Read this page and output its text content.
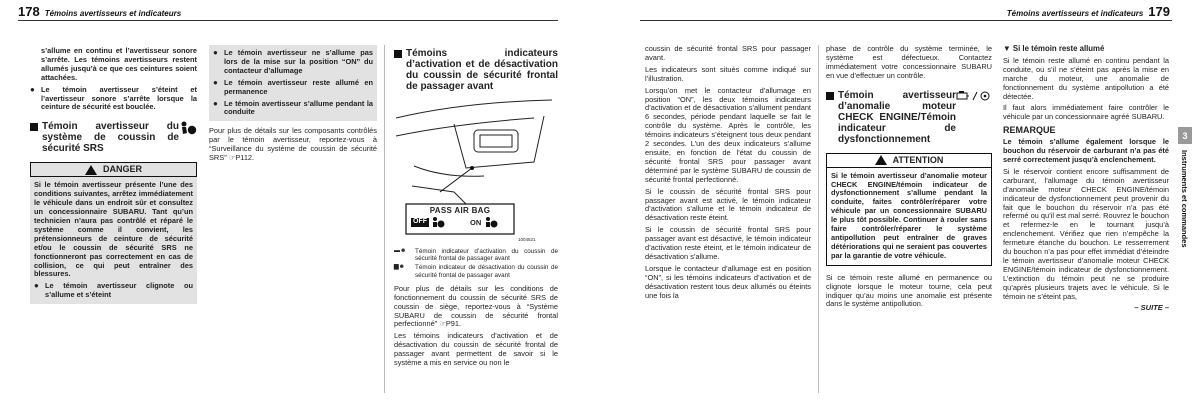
178 Témoins avertisseurs et indicateurs

s’allume en continu et l’avertisseur sonore s’arrête. Les témoins avertisseurs restent allumés jusqu’à ce que ces ceintures soient attachées.

● Le témoin avertisseur s’éteint et l’avertisseur sonore s’arrête lorsque la ceinture de sécurité est bouclée.
Témoin avertisseur du système de coussin de sécurité SRS
DANGER

Si le témoin avertisseur présente l’une des conditions suivantes, arrêtez immédiatement le véhicule dans un endroit sûr et consultez un concessionnaire SUBARU. Tant qu’un technicien n’aura pas contrôlé et réparé le système comme il convient, les prétensionneurs de ceinture de sécurité et/ou le coussin de sécurité SRS ne fonctionneront pas correctement en cas de collision, ce qui peut entraîner des blessures.

● Le témoin avertisseur clignote ou s’allume et s’éteint
● Le témoin avertisseur ne s’allume pas lors de la mise sur la position “ON” du contacteur d’allumage
● Le témoin avertisseur reste allumé en permanence
● Le témoin avertisseur s’allume pendant la conduite

Pour plus de détails sur les composants contrôlés par le témoin avertisseur, reportez-vous à “Surveillance du système de coussin de sécurité SRS” ☞P112.

Témoins indicateurs d’activation et de désactivation du coussin de sécurité frontal de passager avant
PASS AIR BAG
OFF	ON
1004521
▬☻	Témoin indicateur d’activation du coussin de sécurité frontal de passager avant
▆☻	Témoin indicateur de désactivation du coussin de sécurité frontal de passager avant

Pour plus de détails sur les conditions de fonctionnement du coussin de sécurité SRS de coussin de siège, reportez-vous à “Système SUBARU de coussin de sécurité frontal perfectionné” ☞P91.

Les témoins indicateurs d’activation et de désactivation du coussin de sécurité frontal de passager avant permettent de savoir si le système a mis en service ou non le

Témoins avertisseurs et indicateurs 179

coussin de sécurité frontal SRS pour passager avant.

Les indicateurs sont situés comme indiqué sur l’illustration.

Lorsqu’on met le contacteur d’allumage en position “ON”, les deux témoins indicateurs d’activation et de désactivation s’allument pendant 6 secondes, période pendant laquelle se fait le contrôle du système. Après le contrôle, les témoins indicateurs s’éteignent tous deux pendant 2 secondes. L’un des deux indicateurs s’allume ensuite, en fonction de l’état du coussin de sécurité frontal SRS pour passager avant déterminé par le système SUBARU de coussin de sécurité frontal perfectionné.

Si le coussin de sécurité frontal SRS pour passager avant est activé, le témoin indicateur d’activation s’allume et le témoin indicateur de désactivation reste éteint.

Si le coussin de sécurité frontal SRS pour passager avant est désactivé, le témoin indicateur d’activation reste éteint, et le témoin indicateur de désactivation s’allume.

Lorsque le contacteur d’allumage est en position “ON”, si les témoins indicateurs d’activation et de désactivation restent tous deux allumés ou éteints une fois la

phase de contrôle du système terminée, le système est défectueux. Contactez immédiatement votre concessionnaire SUBARU en vue d’effectuer un contrôle.

Témoin avertisseur d’anomalie moteur CHECK ENGINE/Témoin indicateur de dysfonctionnement
ATTENTION

Si le témoin avertisseur d’anomalie moteur CHECK ENGINE/témoin indicateur de dysfonctionnement s’allume pendant la conduite, faites contrôler/réparer votre véhicule par un concessionnaire SUBARU le plus tôt possible. Continuer à rouler sans faire contrôler/réparer le système antipollution peut entraîner de graves détériorations qui ne seraient pas couvertes par la garantie de votre véhicule.

Si ce témoin reste allumé en permanence ou clignote lorsque le moteur tourne, cela peut indiquer qu’au moins une anomalie est présente dans le système antipollution.

▼ Si le témoin reste allumé

Si le témoin reste allumé en continu pendant la conduite, ou s’il ne s’éteint pas après la mise en marche du moteur, une anomalie de fonctionnement du système antipollution a été détectée.

Il faut alors immédiatement faire contrôler le véhicule par un concessionnaire agréé SUBARU.

REMARQUE

Le témoin s’allume également lorsque le bouchon du réservoir de carburant n’a pas été serré correctement jusqu’à enclenchement.

Si le réservoir contient encore suffisamment de carburant, l’allumage du témoin avertisseur d’anomalie moteur CHECK ENGINE/témoin indicateur de dysfonctionnement peut provenir du fait que le bouchon du réservoir n’a pas été refermé ou qu’il est mal serré. Rouvrez le bouchon et refermez-le en le tournant jusqu’à enclenchement. Vérifiez que rien n’empêche la fermeture étanche du bouchon. Le resserrement du bouchon n’a pas pour effet immédiat d’éteindre le témoin avertisseur d’anomalie moteur CHECK ENGINE/témoin indicateur de dysfonctionnement. L’extinction du témoin peut ne se produire qu’après plusieurs trajets avec le véhicule. Si le témoin ne s’éteint pas,

– SUITE –
3
Instruments et commandes
